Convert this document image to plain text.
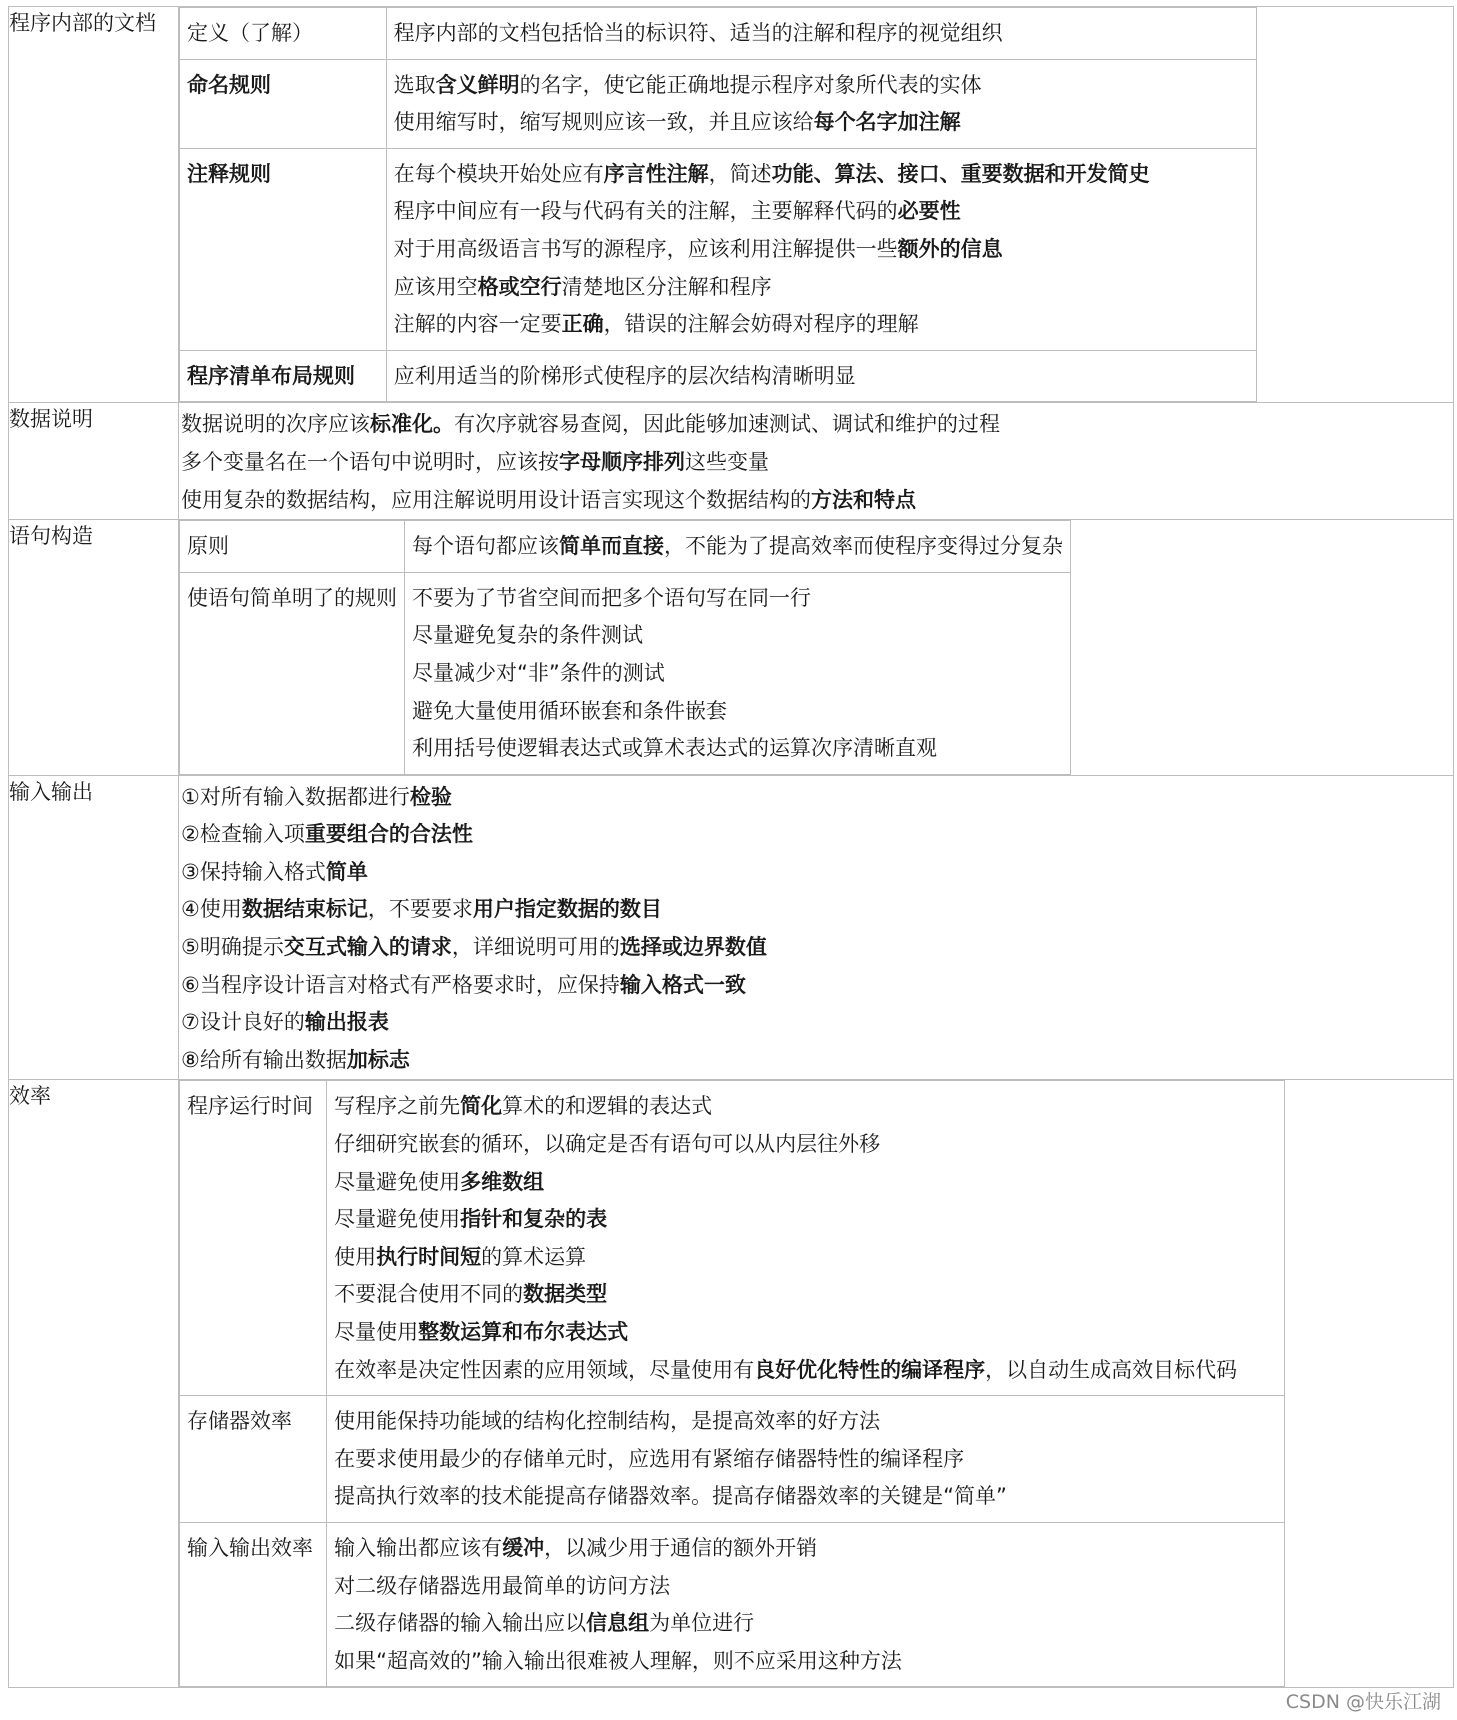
程序内部的文档	定义（了解）	程序内部的文档包括恰当的标识符、适当的注解和程序的视觉组织

命名规则	选取含义鲜明的名字，使它能正确地提示程序对象所代表的实体
使用缩写时，缩写规则应该一致，并且应该给每个名字加注解

注释规则	在每个模块开始处应有序言性注解，简述功能、算法、接口、重要数据和开发简史
程序中间应有一段与代码有关的注解，主要解释代码的必要性
对于用高级语言书写的源程序，应该利用注解提供一些额外的信息
应该用空格或空行清楚地区分注解和程序
注解的内容一定要正确，错误的注解会妨碍对程序的理解

程序清单布局规则	应利用适当的阶梯形式使程序的层次结构清晰明显

数据说明	数据说明的次序应该标准化。有次序就容易查阅，因此能够加速测试、调试和维护的过程
多个变量名在一个语句中说明时，应该按字母顺序排列这些变量
使用复杂的数据结构，应用注解说明用设计语言实现这个数据结构的方法和特点

语句构造		原则	每个语句都应该简单而直接，不能为了提高效率而使程序变得过分复杂

使语句简单明了的规则	不要为了节省空间而把多个语句写在同一行
尽量避免复杂的条件测试
尽量减少对“非”条件的测试
避免大量使用循环嵌套和条件嵌套
利用括号使逻辑表达式或算术表达式的运算次序清晰直观

输入输出	①对所有输入数据都进行检验
②检查输入项重要组合的合法性
③保持输入格式简单
④使用数据结束标记，不要要求用户指定数据的数目
⑤明确提示交互式输入的请求，详细说明可用的选择或边界数值
⑥当程序设计语言对格式有严格要求时，应保持输入格式一致
⑦设计良好的输出报表
⑧给所有输出数据加标志

效率		程序运行时间	写程序之前先简化算术的和逻辑的表达式
仔细研究嵌套的循环，以确定是否有语句可以从内层往外移
尽量避免使用多维数组
尽量避免使用指针和复杂的表
使用执行时间短的算术运算
不要混合使用不同的数据类型
尽量使用整数运算和布尔表达式
在效率是决定性因素的应用领域，尽量使用有良好优化特性的编译程序，以自动生成高效目标代码

存储器效率	使用能保持功能域的结构化控制结构，是提高效率的好方法
在要求使用最少的存储单元时，应选用有紧缩存储器特性的编译程序
提高执行效率的技术能提高存储器效率。提高存储器效率的关键是“简单”

输入输出效率	输入输出都应该有缓冲，以减少用于通信的额外开销
对二级存储器选用最简单的访问方法
二级存储器的输入输出应以信息组为单位进行
如果“超高效的”输入输出很难被人理解，则不应采用这种方法
CSDN @快乐江湖
